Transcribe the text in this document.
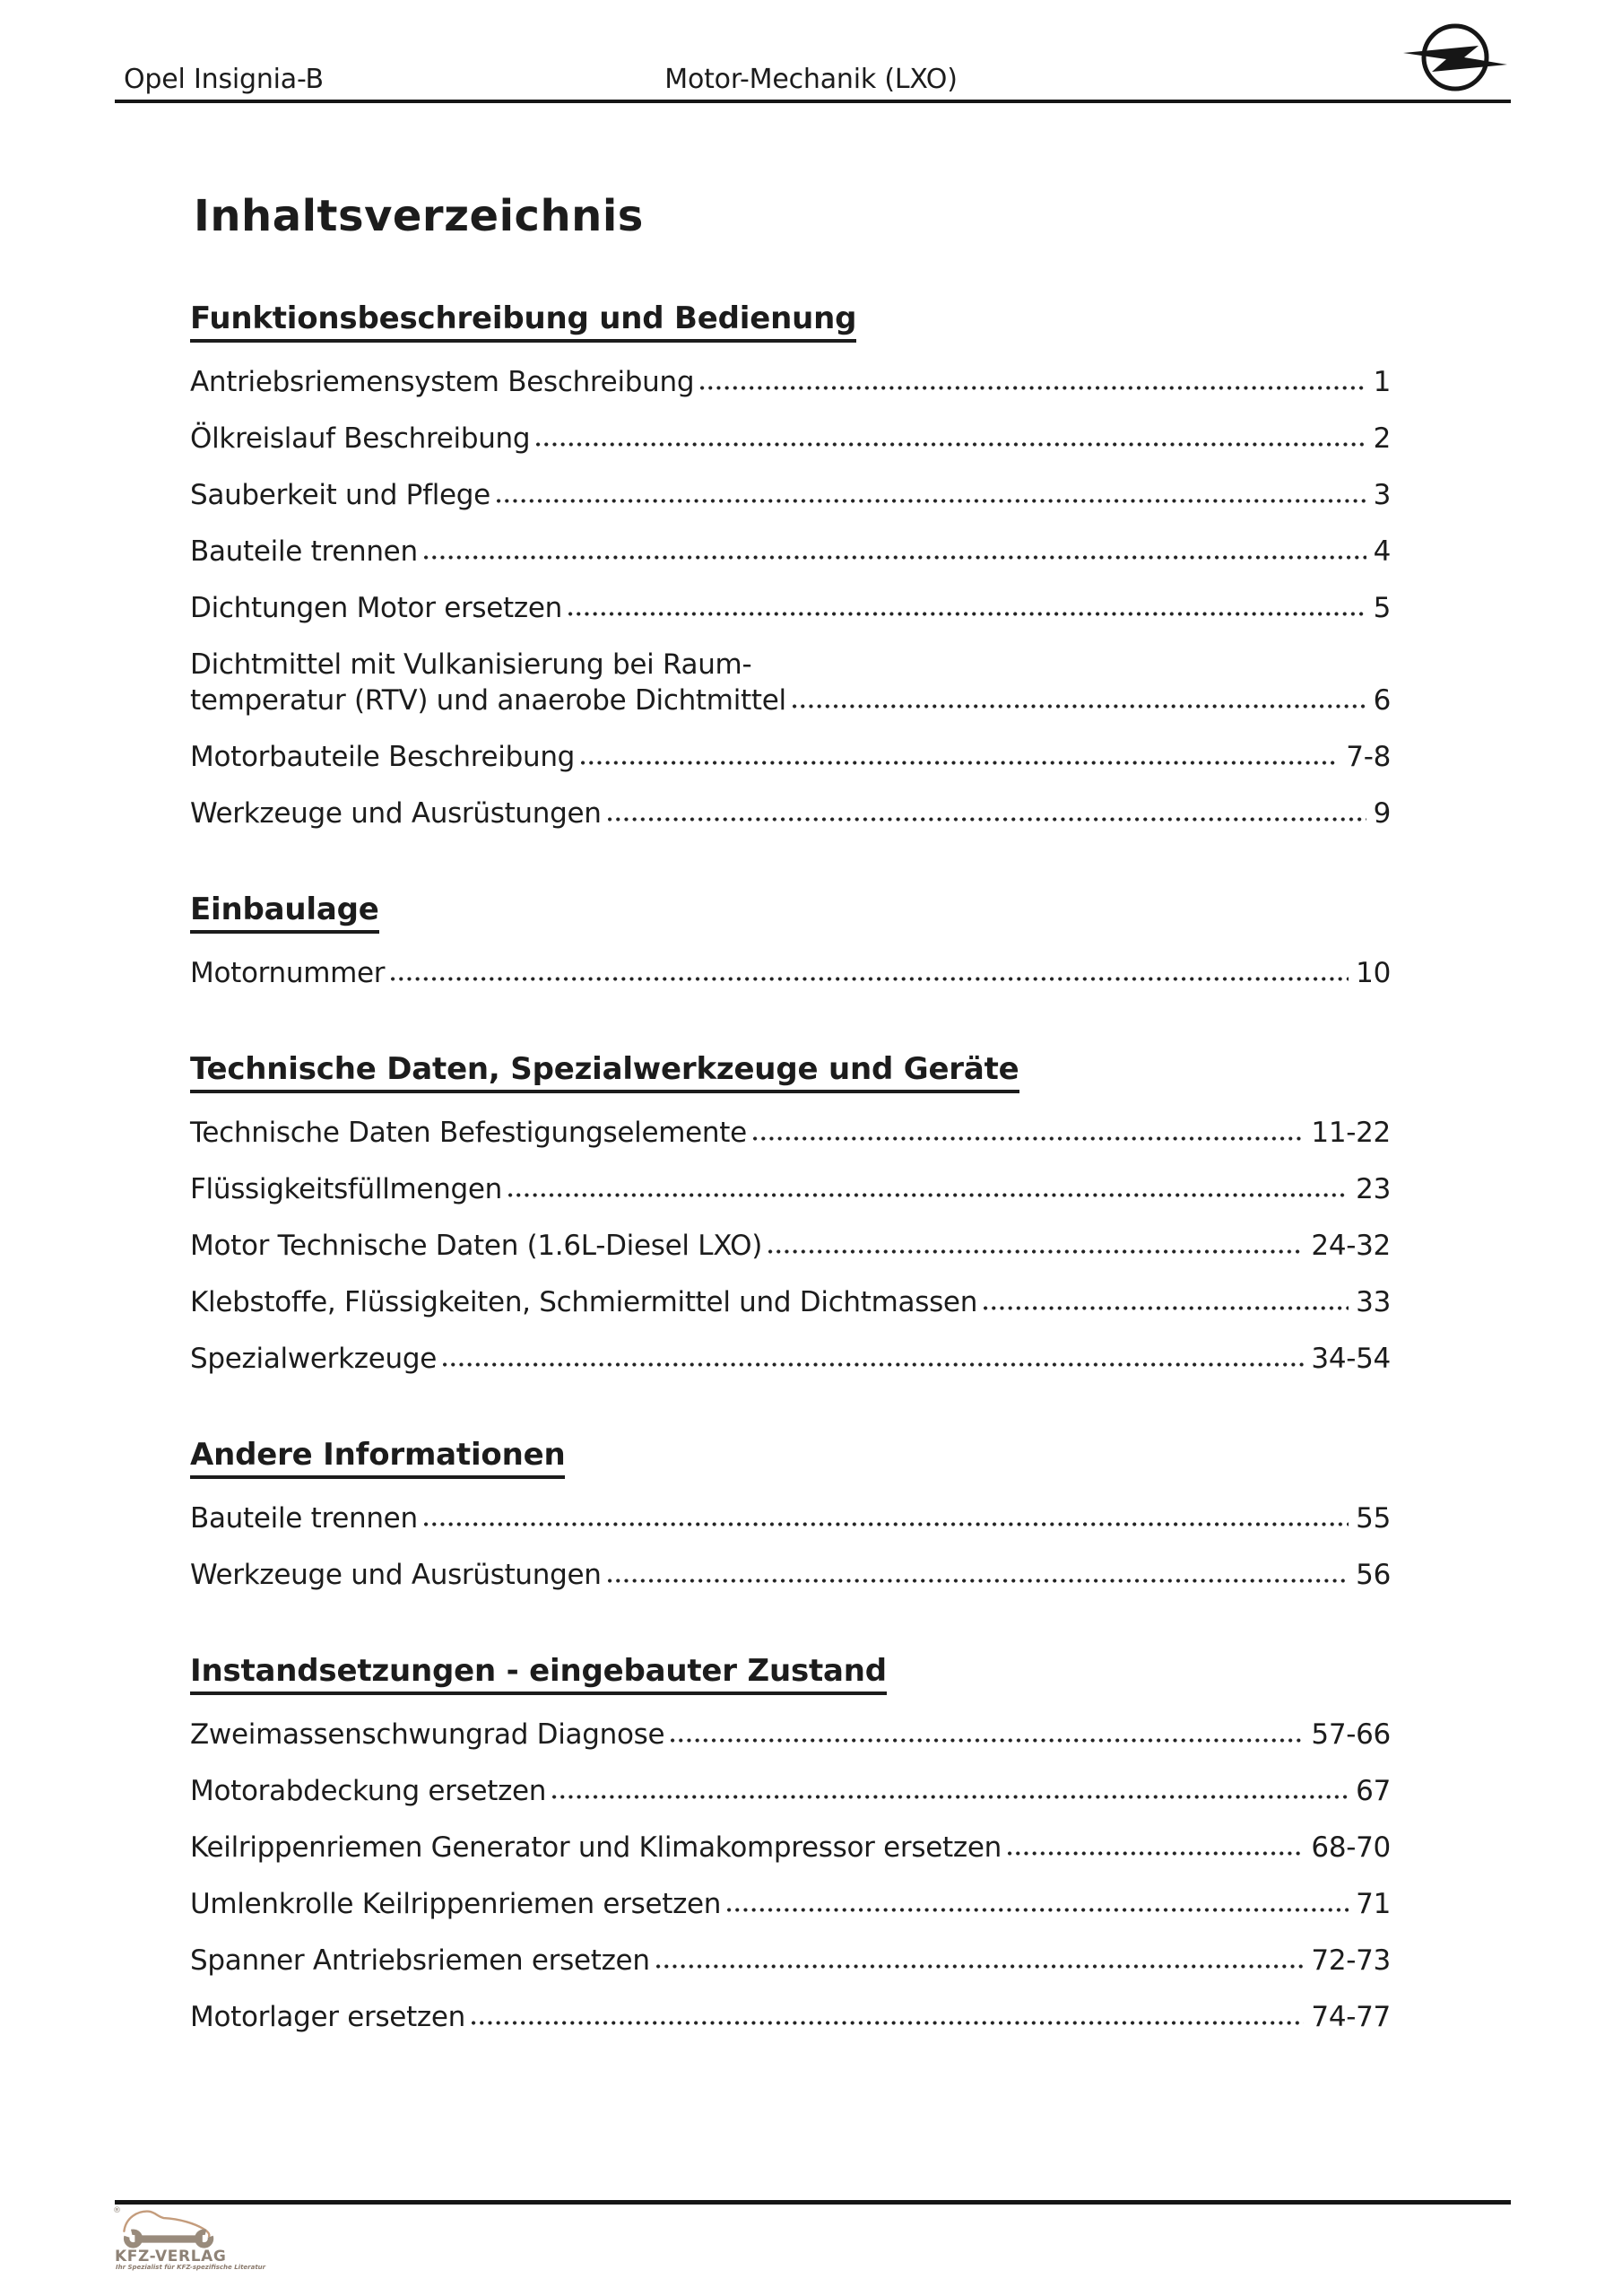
Opel Insignia-B	Motor-Mechanik (LXO)
Inhaltsverzeichnis
Funktionsbeschreibung und Bedienung
Antriebsriemensystem Beschreibung	1
Ölkreislauf Beschreibung	2
Sauberkeit und Pflege	3
Bauteile trennen	4
Dichtungen Motor ersetzen	5
Dichtmittel mit Vulkanisierung bei Raum-
temperatur (RTV) und anaerobe Dichtmittel	6
Motorbauteile Beschreibung	7-8
Werkzeuge und Ausrüstungen	9
Einbaulage
Motornummer	10
Technische Daten, Spezialwerkzeuge und Geräte
Technische Daten Befestigungselemente	11-22
Flüssigkeitsfüllmengen	23
Motor Technische Daten (1.6L-Diesel LXO)	24-32
Klebstoffe, Flüssigkeiten, Schmiermittel und Dichtmassen	33
Spezialwerkzeuge	34-54
Andere Informationen
Bauteile trennen	55
Werkzeuge und Ausrüstungen	56
Instandsetzungen - eingebauter Zustand
Zweimassenschwungrad Diagnose	57-66
Motorabdeckung ersetzen	67
Keilrippenriemen Generator und Klimakompressor ersetzen	68-70
Umlenkrolle Keilrippenriemen ersetzen	71
Spanner Antriebsriemen ersetzen	72-73
Motorlager ersetzen	74-77
®
KFZ-VERLAG
Ihr Spezialist für KFZ-spezifische Literatur
